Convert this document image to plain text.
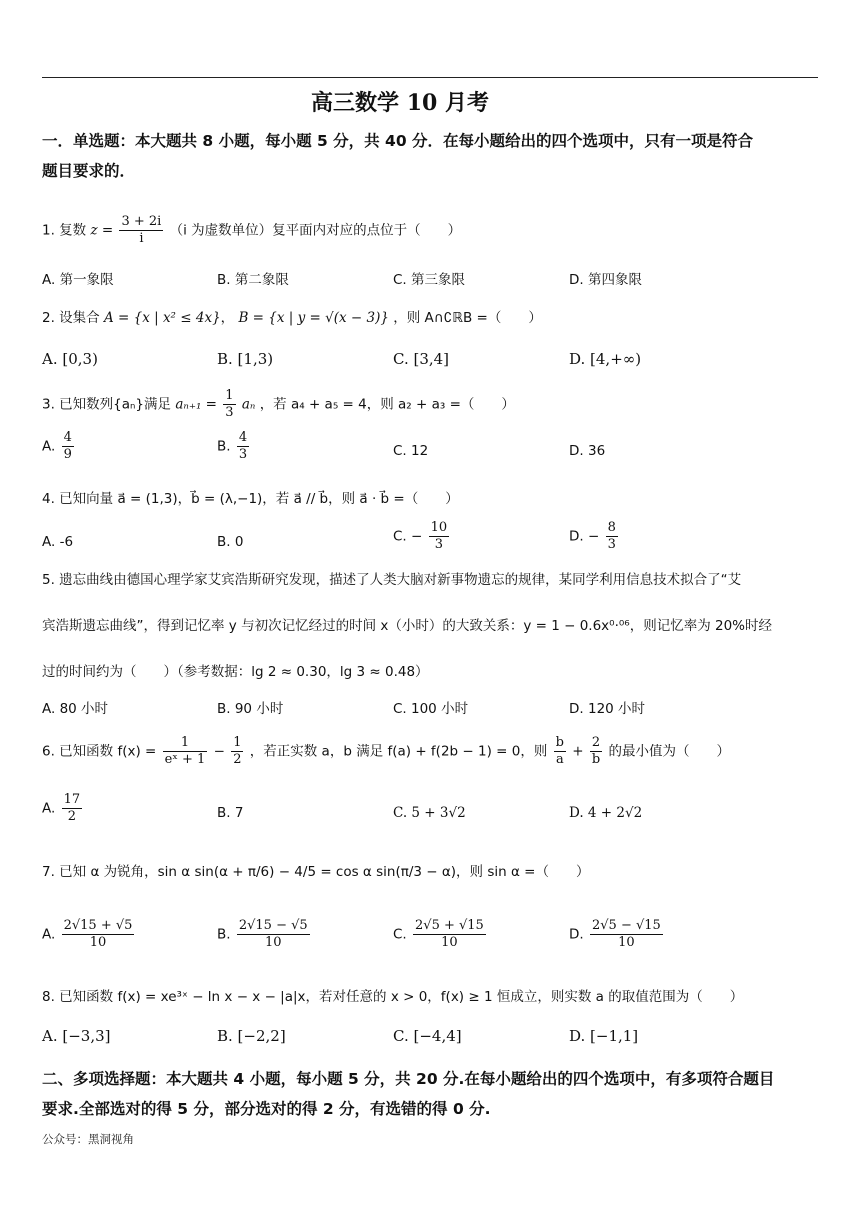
高三数学 10 月考
一．单选题：本大题共 8 小题，每小题 5 分，共 40 分．在每小题给出的四个选项中，只有一项是符合
题目要求的．
1. 复数 $z = \frac{3 + 2i}{i} (i$ 为虚数单位）复平面内对应的点位于（　　）
A. 第一象限	B. 第二象限	C. 第三象限	D. 第四象限
2. 设集合 A = {x | x² ≤ 4x}， B = {x | y = √(x − 3)} ，则 A∩∁ℝB =（　　）
A. [0,3)	B. [1,3)	C. [3,4]	D. [4,+∞)
3. 已知数列{aₙ}满足 $a_{n+1} = \frac{1}{3}$ aₙ ，若 a₄ + a₅ = 4，则 a₂ + a₃ =（　　）
A. $\frac{4}{9}$	B. $\frac{4}{3}$	C. 12	D. 36
4. 已知向量 a⃗ = (1,3)，b⃗ = (λ,−1)，若 a⃗ // b⃗，则 a⃗ · b⃗ =（　　）
A. -6	B. 0	C. − $\frac{10}{3}$	D. − $\frac{8}{3}$
5. 遗忘曲线由德国心理学家艾宾浩斯研究发现，描述了人类大脑对新事物遗忘的规律，某同学利用信息技术拟合了“艾
宾浩斯遗忘曲线”，得到记忆率 y 与初次记忆经过的时间 x（小时）的大致关系：y = 1 − 0.6x⁰·⁰⁶，则记忆率为 20%时经
过的时间约为（　　）（参考数据：lg 2 ≈ 0.30，lg 3 ≈ 0.48）
A. 80 小时	B. 90 小时	C. 100 小时	D. 120 小时
6. 已知函数 $f(x) = \frac{1}{\text{eˣ + 1}} - \frac{1}{2}$ ，若正实数 a，b 满足 f(a) + f(2b − 1) = 0，则 $\frac{b}{a} + \frac{2}{b}$ 的最小值为（　　）
A. $\frac{17}{2}$	B. 7	C. 5 + 3√2	D. 4 + 2√2
7. 已知 α 为锐角，sin α sin(α + π/6) − 4/5 = cos α sin(π/3 − α)，则 sin α =（　　）
A. $\frac{2√15 + √5}{10}$	B. $\frac{2√15 - √5}{10}$	C. $\frac{2√5 + √15}{10}$	D. $\frac{2√5 - √15}{10}$
8. 已知函数 f(x) = xe³ˣ − ln x − x − |a|x，若对任意的 x > 0，f(x) ≥ 1 恒成立，则实数 a 的取值范围为（　　）
A. [−3,3]	B. [−2,2]	C. [−4,4]	D. [−1,1]
二、多项选择题：本大题共 4 小题，每小题 5 分，共 20 分.在每小题给出的四个选项中，有多项符合题目
要求.全部选对的得 5 分，部分选对的得 2 分，有选错的得 0 分.
公众号：黑洞视角
